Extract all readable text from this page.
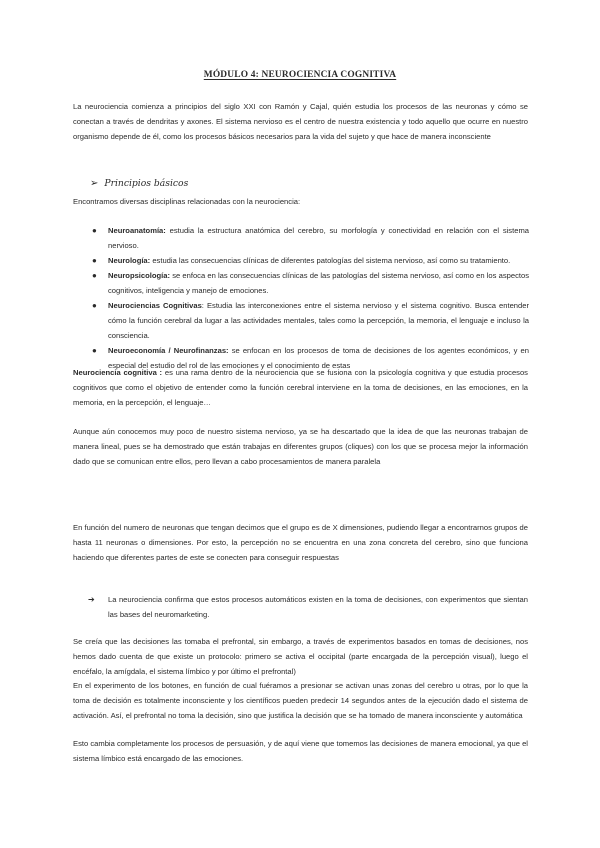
MÓDULO 4: NEUROCIENCIA COGNITIVA

La neurociencia comienza a principios del siglo XXI con Ramón y Cajal, quién estudia los procesos de las neuronas y cómo se conectan a través de dendritas y axones. El sistema nervioso es el centro de nuestra existencia y todo aquello que ocurre en nuestro organismo depende de él, como los procesos básicos necesarios para la vida del sujeto y que hace de manera inconsciente

➢ Principios básicos

Encontramos diversas disciplinas relacionadas con la neurociencia:

● Neuroanatomía: estudia la estructura anatómica del cerebro, su morfología y conectividad en relación con el sistema nervioso.
● Neurología: estudia las consecuencias clínicas de diferentes patologías del sistema nervioso, así como su tratamiento.
● Neuropsicología: se enfoca en las consecuencias clínicas de las patologías del sistema nervioso, así como en los aspectos cognitivos, inteligencia y manejo de emociones.
● Neurociencias Cognitivas: Estudia las interconexiones entre el sistema nervioso y el sistema cognitivo. Busca entender cómo la función cerebral da lugar a las actividades mentales, tales como la percepción, la memoria, el lenguaje e incluso la consciencia.
● Neuroeconomía / Neurofinanzas: se enfocan en los procesos de toma de decisiones de los agentes económicos, y en especial del estudio del rol de las emociones y el conocimiento de estas

Neurociencia cognitiva : es una rama dentro de la neurociencia que se fusiona con la psicología cognitiva y que estudia procesos cognitivos que como el objetivo de entender como la función cerebral interviene en la toma de decisiones, en las emociones, en la memoria, en la percepción, el lenguaje…

Aunque aún conocemos muy poco de nuestro sistema nervioso, ya se ha descartado que la idea de que las neuronas trabajan de manera lineal, pues se ha demostrado que están trabajas en diferentes grupos (cliques) con los que se procesa mejor la información dado que se comunican entre ellos, pero llevan a cabo procesamientos de manera paralela

En función del numero de neuronas que tengan decimos que el grupo es de X dimensiones, pudiendo llegar a encontrarnos grupos de hasta 11 neuronas o dimensiones. Por esto, la percepción no se encuentra en una zona concreta del cerebro, sino que funciona haciendo que diferentes partes de este se conecten para conseguir respuestas

➔	La neurociencia confirma que estos procesos automáticos existen en la toma de decisiones, con experimentos que sientan las bases del neuromarketing.

Se creía que las decisiones las tomaba el prefrontal, sin embargo, a través de experimentos basados en tomas de decisiones, nos hemos dado cuenta de que existe un protocolo: primero se activa el occipital (parte encargada de la percepción visual), luego el encéfalo, la amígdala, el sistema límbico y por último el prefrontal)

En el experimento de los botones, en función de cual fuéramos a presionar se activan unas zonas del cerebro u otras, por lo que la toma de decisión es totalmente inconsciente y los científicos pueden predecir 14 segundos antes de la ejecución dado el sistema de activación. Así, el prefrontal no toma la decisión, sino que justifica la decisión que se ha tomado de manera inconsciente y automática

Esto cambia completamente los procesos de persuasión, y de aquí viene que tomemos las decisiones de manera emocional, ya que el sistema límbico está encargado de las emociones.
